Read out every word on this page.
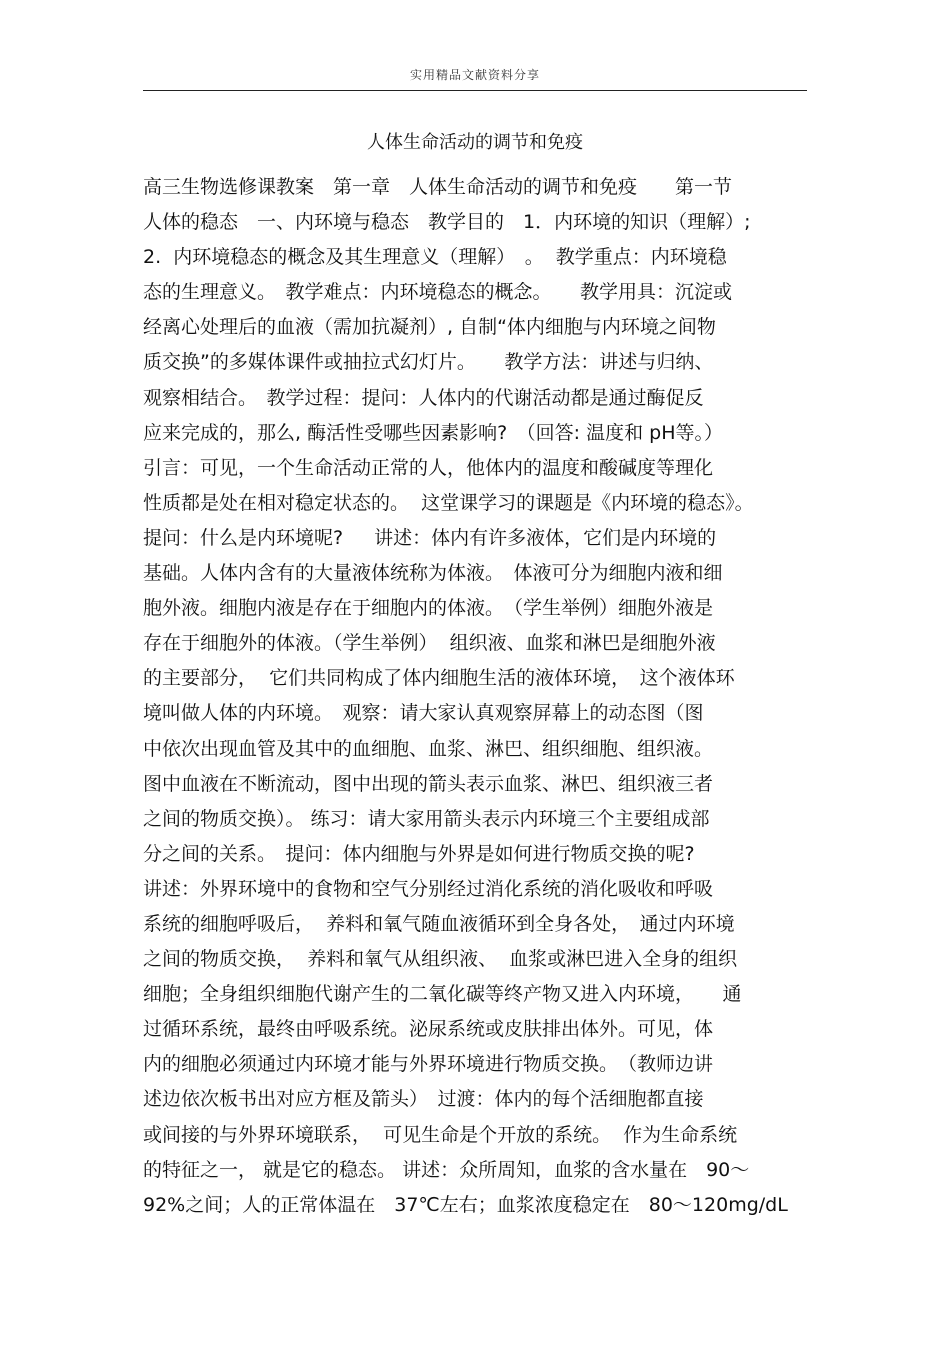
实用精品文献资料分享
人体生命活动的调节和免疫
高三生物选修课教案　第一章　人体生命活动的调节和免疫　　第一节
人体的稳态　一、内环境与稳态　教学目的　1．内环境的知识（理解）;
2.  内环境稳态的概念及其生理意义（理解）　。  教学重点：内环境稳
态的生理意义。　教学难点：内环境稳态的概念。　　教学用具：沉淀或
经离心处理后的血液（需加抗凝剂）, 自制“体内细胞与内环境之间物
质交换”的多媒体课件或抽拉式幻灯片。　　教学方法：讲述与归纳、
观察相结合。　教学过程：提问：人体内的代谢活动都是通过酶促反
应来完成的，那么, 酶活性受哪些因素影响?　（回答: 温度和 pH等。）
引言：可见，一个生命活动正常的人，他体内的温度和酸碱度等理化
性质都是处在相对稳定状态的。  这堂课学习的课题是《内环境的稳态》。
提问：什么是内环境呢?　  讲述：体内有许多液体，它们是内环境的
基础。人体内含有的大量液体统称为体液。　体液可分为细胞内液和细
胞外液。细胞内液是存在于细胞内的体液。　（学生举例）细胞外液是
存在于细胞外的体液。（学生举例）  组织液、血浆和淋巴是细胞外液
的主要部分，  它们共同构成了体内细胞生活的液体环境，　这个液体环
境叫做人体的内环境。　观察：请大家认真观察屏幕上的动态图（图
中依次出现血管及其中的血细胞、血浆、淋巴、组织细胞、组织液。
图中血液在不断流动，图中出现的箭头表示血浆、淋巴、组织液三者
之间的物质交换）。 练习：请大家用箭头表示内环境三个主要组成部
分之间的关系。　提问：体内细胞与外界是如何进行物质交换的呢?
讲述：外界环境中的食物和空气分别经过消化系统的消化吸收和呼吸
系统的细胞呼吸后，  养料和氧气随血液循环到全身各处，　通过内环境
之间的物质交换，  养料和氧气从组织液、  血浆或淋巴进入全身的组织
细胞；全身组织细胞代谢产生的二氧化碳等终产物又进入内环境，　　通
过循环系统，最终由呼吸系统。泌尿系统或皮肤排出体外。可见，体
内的细胞必须通过内环境才能与外界环境进行物质交换。　（教师边讲
述边依次板书出对应方框及箭头）　过渡：体内的每个活细胞都直接
或间接的与外界环境联系，  可见生命是个开放的系统。  作为生命系统
的特征之一， 就是它的稳态。 讲述：众所周知，血浆的含水量在　90～
92%之间；人的正常体温在　37℃左右；血浆浓度稳定在　80～120mg/dL
